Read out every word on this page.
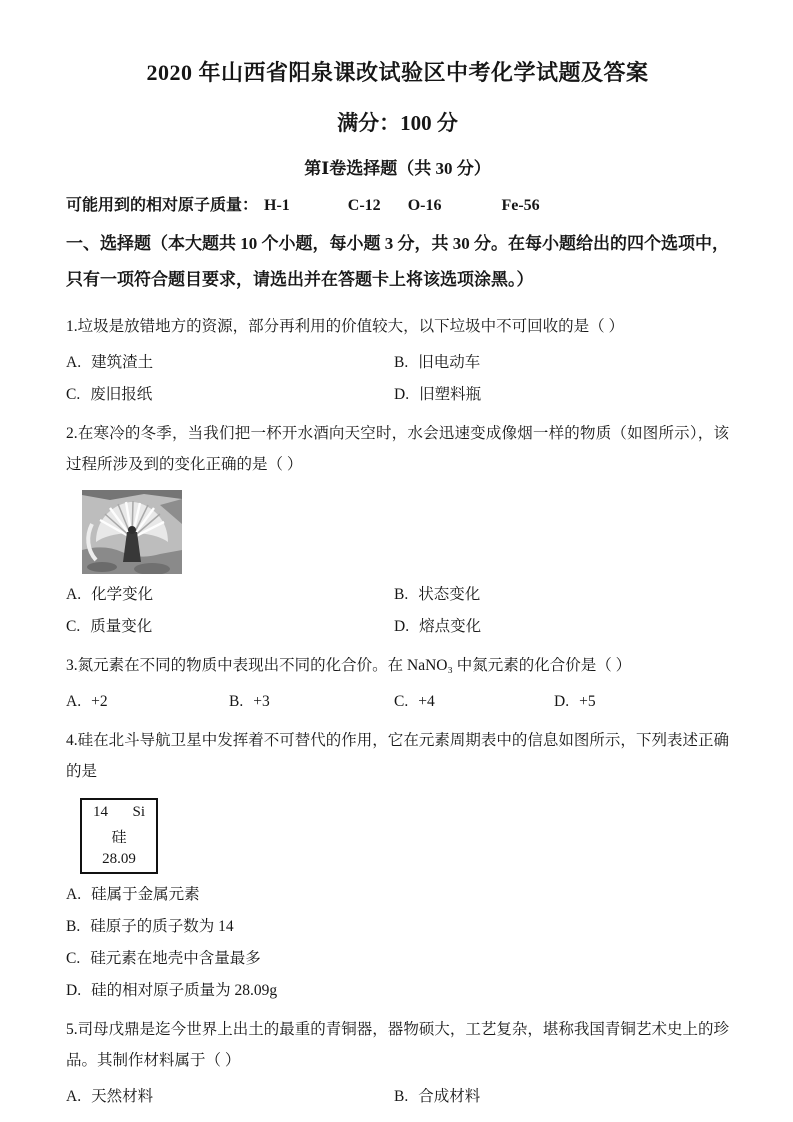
2020 年山西省阳泉课改试验区中考化学试题及答案
满分：100 分
第Ⅰ卷选择题（共 30 分）
可能用到的相对原子质量： H-1	C-12 O-16	Fe-56
一、选择题（本大题共 10 个小题，每小题 3 分，共 30 分。在每小题给出的四个选项中，只有一项符合题目要求，请选出并在答题卡上将该选项涂黑。）

1.垃圾是放错地方的资源，部分再利用的价值较大，以下垃圾中不可回收的是（ ）

A. 建筑渣土	B. 旧电动车
C. 废旧报纸	D. 旧塑料瓶

2.在寒冷的冬季，当我们把一杯开水酒向天空时，水会迅速变成像烟一样的物质（如图所示），该过程所涉及到的变化正确的是（ ）

A. 化学变化	B. 状态变化
C. 质量变化	D. 熔点变化

3.氮元素在不同的物质中表现出不同的化合价。在 NaNO₃ 中氮元素的化合价是（ ）

A. +2	B. +3	C. +4	D. +5

4.硅在北斗导航卫星中发挥着不可替代的作用，它在元素周期表中的信息如图所示，下列表述正确的是

14 Si
硅
28.09
A. 硅属于金属元素
B. 硅原子的质子数为 14
C. 硅元素在地壳中含量最多
D. 硅的相对原子质量为 28.09g

5.司母戊鼎是迄今世界上出土的最重的青铜器，器物硕大，工艺复杂，堪称我国青铜艺术史上的珍品。其制作材料属于（ ）

A. 天然材料	B. 合成材料
